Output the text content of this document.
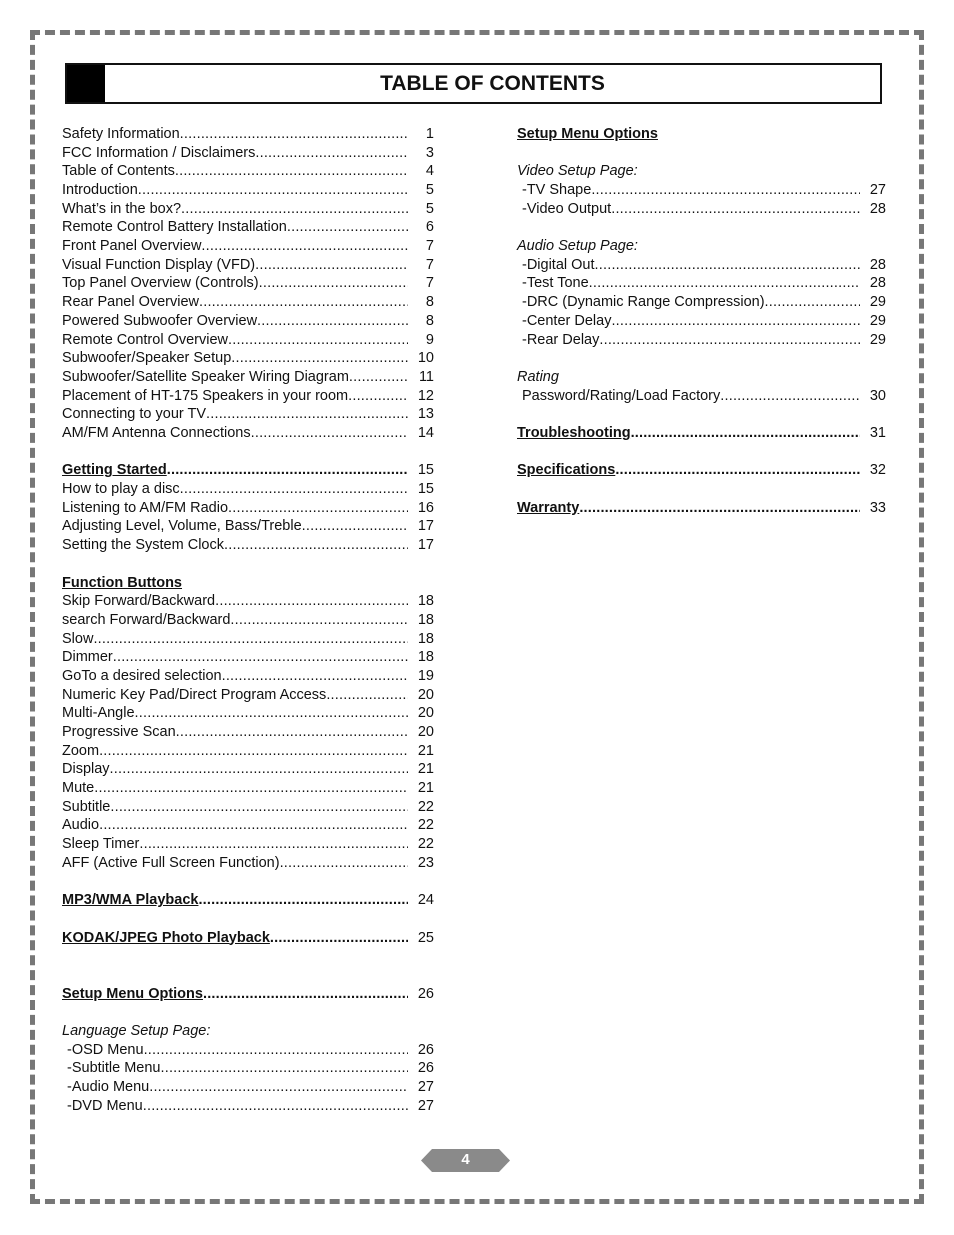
TABLE OF CONTENTS
Safety Information .....	1
FCC Information / Disclaimers .....	3
Table of Contents .....	4
Introduction .....	5
What’s in the box? .....	5
Remote Control Battery Installation .....	6
Front Panel Overview .....	7
Visual Function Display (VFD) .....	7
Top Panel Overview (Controls) .....	7
Rear Panel Overview .....	8
Powered Subwoofer Overview .....	8
Remote Control Overview .....	9
Subwoofer/Speaker Setup .....	10
Subwoofer/Satellite Speaker Wiring Diagram .....	11
Placement of HT-175 Speakers in your room .....	12
Connecting to your TV .....	13
AM/FM Antenna Connections .....	14
Getting Started .....	15
How to play a disc .....	15
Listening to AM/FM Radio .....	16
Adjusting Level, Volume, Bass/Treble .....	17
Setting the System Clock .....	17
Function Buttons
Skip Forward/Backward .....	18
search Forward/Backward .....	18
Slow .....	18
Dimmer .....	18
GoTo a desired selection .....	19
Numeric Key Pad/Direct Program Access .....	20
Multi-Angle .....	20
Progressive Scan .....	20
Zoom .....	21
Display .....	21
Mute .....	21
Subtitle .....	22
Audio .....	22
Sleep Timer .....	22
AFF (Active Full Screen Function) .....	23
MP3/WMA Playback .....	24
KODAK/JPEG Photo Playback .....	25
Setup Menu Options .....	26
Language Setup Page:
-OSD Menu .....	26
-Subtitle Menu .....	26
-Audio Menu .....	27
-DVD Menu .....	27
Setup Menu Options
Video Setup Page:
-TV Shape .....	27
-Video Output .....	28
Audio Setup Page:
-Digital Out .....	28
-Test Tone .....	28
-DRC (Dynamic Range Compression) .....	29
-Center Delay .....	29
-Rear Delay .....	29
Rating
Password/Rating/Load Factory .....	30
Troubleshooting .....	31
Specifications .....	32
Warranty .....	33
4
